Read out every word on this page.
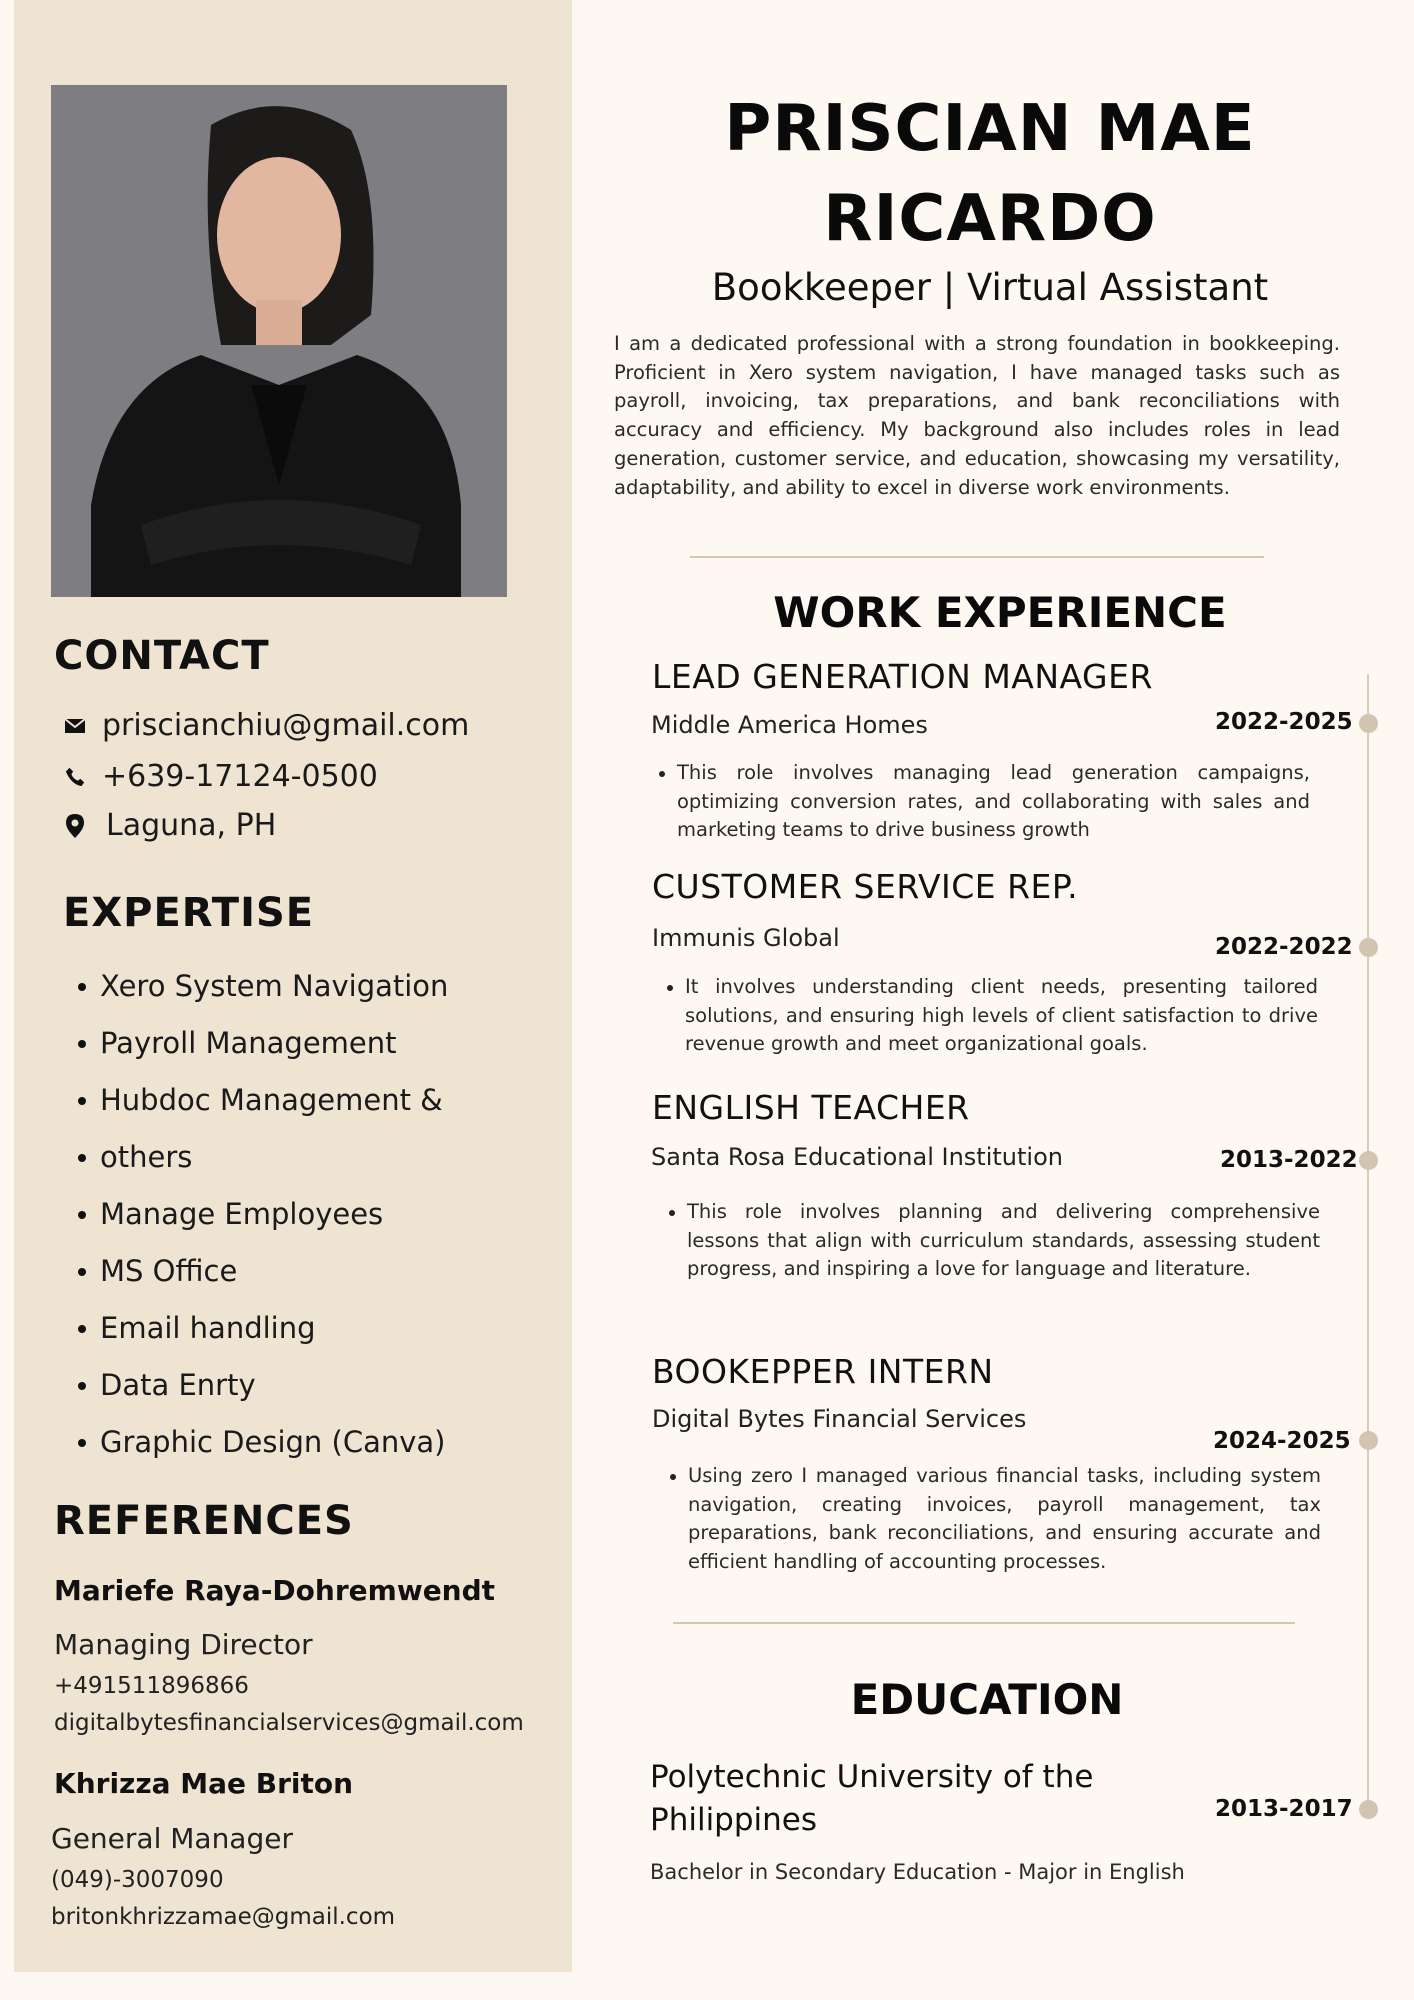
CONTACT
priscianchiu@gmail.com
+639-17124-0500
Laguna, PH
EXPERTISE
Xero System Navigation
Payroll Management
Hubdoc Management &
others
Manage Employees
MS Office
Email handling
Data Enrty
Graphic Design (Canva)
REFERENCES
Mariefe Raya-Dohremwendt
Managing Director
+491511896866
digitalbytesfinancialservices@gmail.com
Khrizza Mae Briton
General Manager
(049)-3007090
britonkhrizzamae@gmail.com
PRISCIAN MAE
RICARDO
Bookkeeper | Virtual Assistant
I am a dedicated professional with a strong foundation in bookkeeping. Proficient in Xero system navigation, I have managed tasks such as payroll, invoicing, tax preparations, and bank reconciliations with accuracy and efficiency. My background also includes roles in lead generation, customer service, and education, showcasing my versatility, adaptability, and ability to excel in diverse work environments.
WORK EXPERIENCE
LEAD GENERATION MANAGER
Middle America Homes	2022-2025
This role involves managing lead generation campaigns, optimizing conversion rates, and collaborating with sales and marketing teams to drive business growth
CUSTOMER SERVICE REP.
Immunis Global	2022-2022
It involves understanding client needs, presenting tailored solutions, and ensuring high levels of client satisfaction to drive revenue growth and meet organizational goals.
ENGLISH TEACHER
Santa Rosa Educational Institution	2013-2022
This role involves planning and delivering comprehensive lessons that align with curriculum standards, assessing student progress, and inspiring a love for language and literature.
BOOKEPPER INTERN
Digital Bytes Financial Services
2024-2025
Using zero I managed various financial tasks, including system navigation, creating invoices, payroll management, tax preparations, bank reconciliations, and ensuring accurate and efficient handling of accounting processes.
EDUCATION
Polytechnic University of the Philippines	2013-2017
Bachelor in Secondary Education - Major in English
